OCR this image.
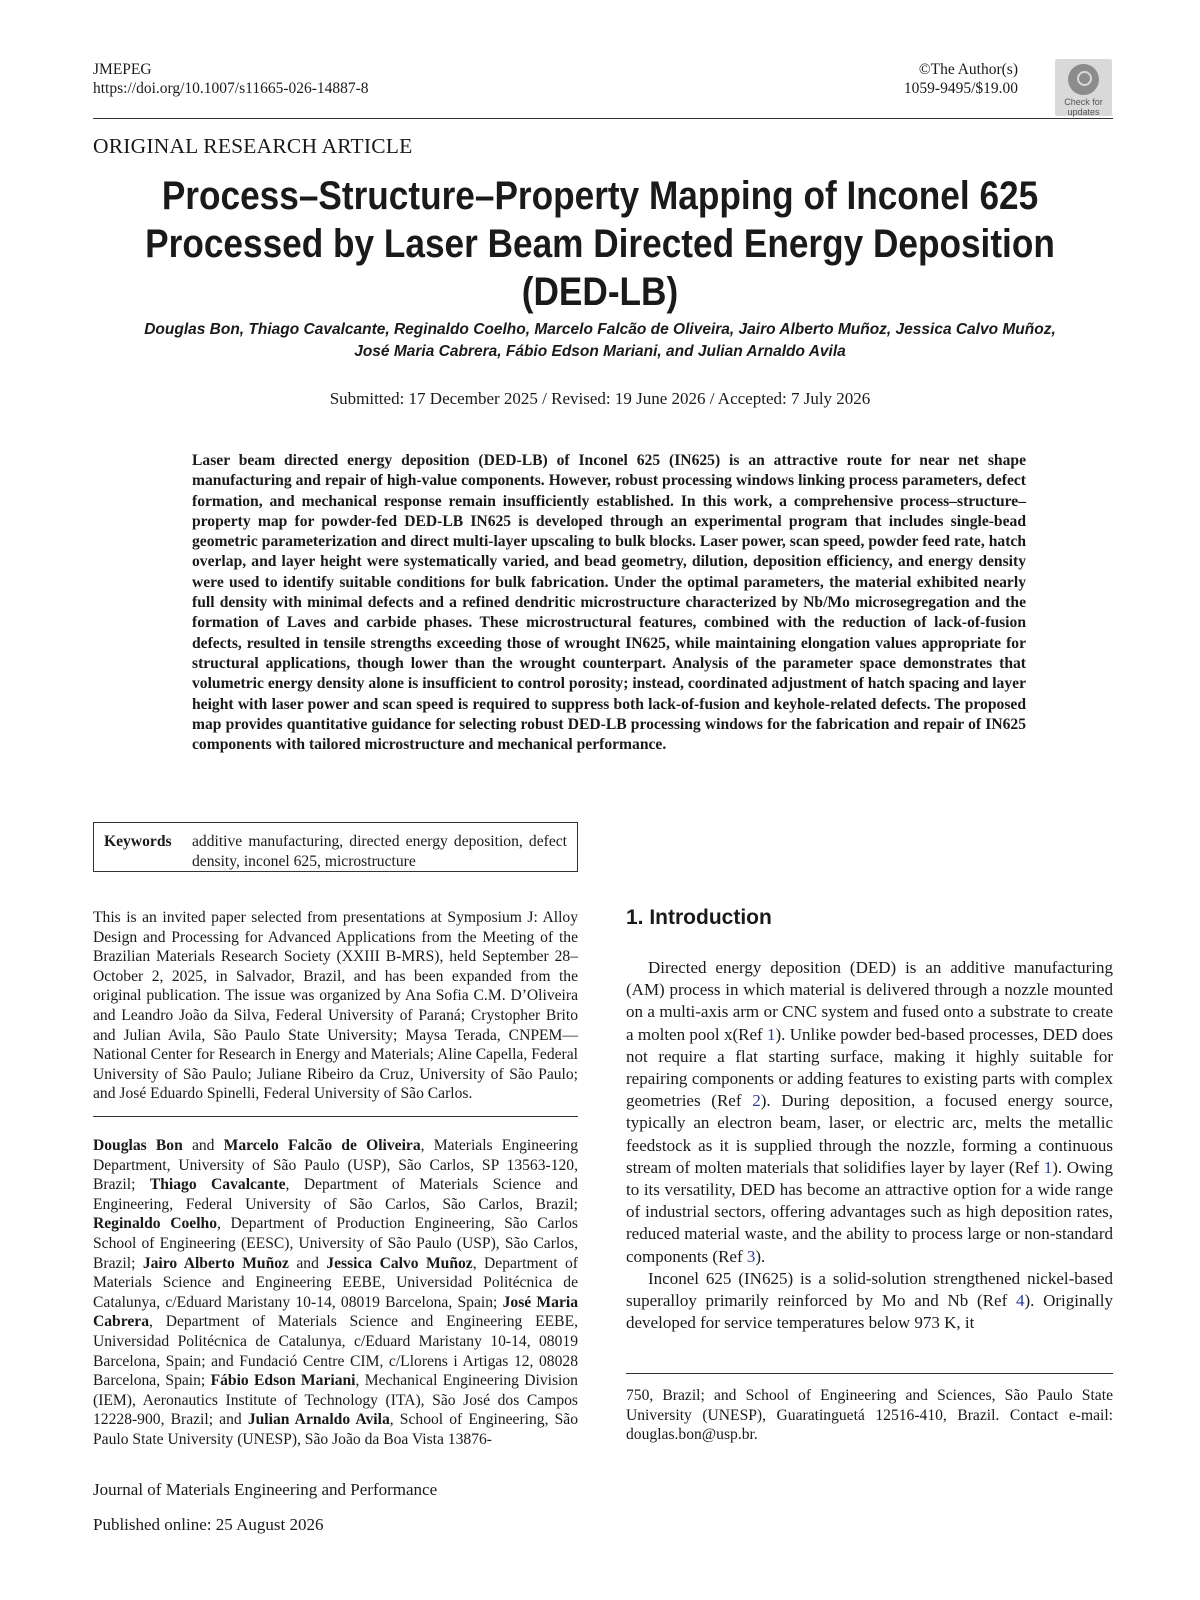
JMEPEG
https://doi.org/10.1007/s11665-026-14887-8
©The Author(s)
1059-9495/$19.00
Check for
updates
ORIGINAL RESEARCH ARTICLE
Process–Structure–Property Mapping of Inconel 625 Processed by Laser Beam Directed Energy Deposition (DED-LB)
Douglas Bon, Thiago Cavalcante, Reginaldo Coelho, Marcelo Falcão de Oliveira, Jairo Alberto Muñoz, Jessica Calvo Muñoz,
José Maria Cabrera, Fábio Edson Mariani, and Julian Arnaldo Avila
Submitted: 17 December 2025 / Revised: 19 June 2026 / Accepted: 7 July 2026
Laser beam directed energy deposition (DED-LB) of Inconel 625 (IN625) is an attractive route for near net shape manufacturing and repair of high-value components. However, robust processing windows linking process parameters, defect formation, and mechanical response remain insufficiently established. In this work, a comprehensive process–structure–property map for powder-fed DED-LB IN625 is developed through an experimental program that includes single-bead geometric parameterization and direct multi-layer upscaling to bulk blocks. Laser power, scan speed, powder feed rate, hatch overlap, and layer height were systematically varied, and bead geometry, dilution, deposition efficiency, and energy density were used to identify suitable conditions for bulk fabrication. Under the optimal parameters, the material exhibited nearly full density with minimal defects and a refined dendritic microstructure characterized by Nb/Mo microsegregation and the formation of Laves and carbide phases. These microstructural features, combined with the reduction of lack-of-fusion defects, resulted in tensile strengths exceeding those of wrought IN625, while maintaining elongation values appropriate for structural applications, though lower than the wrought counterpart. Analysis of the parameter space demonstrates that volumetric energy density alone is insufficient to control porosity; instead, coordinated adjustment of hatch spacing and layer height with laser power and scan speed is required to suppress both lack-of-fusion and keyhole-related defects. The proposed map provides quantitative guidance for selecting robust DED-LB processing windows for the fabrication and repair of IN625 components with tailored microstructure and mechanical performance.
Keywords	additive manufacturing, directed energy deposition, defect density, inconel 625, microstructure
This is an invited paper selected from presentations at Symposium J: Alloy Design and Processing for Advanced Applications from the Meeting of the Brazilian Materials Research Society (XXIII B-MRS), held September 28–October 2, 2025, in Salvador, Brazil, and has been expanded from the original publication. The issue was organized by Ana Sofia C.M. D’Oliveira and Leandro João da Silva, Federal University of Paraná; Crystopher Brito and Julian Avila, São Paulo State University; Maysa Terada, CNPEM—National Center for Research in Energy and Materials; Aline Capella, Federal University of São Paulo; Juliane Ribeiro da Cruz, University of São Paulo; and José Eduardo Spinelli, Federal University of São Carlos.
Douglas Bon and Marcelo Falcão de Oliveira, Materials Engineering Department, University of São Paulo (USP), São Carlos, SP 13563-120, Brazil; Thiago Cavalcante, Department of Materials Science and Engineering, Federal University of São Carlos, São Carlos, Brazil; Reginaldo Coelho, Department of Production Engineering, São Carlos School of Engineering (EESC), University of São Paulo (USP), São Carlos, Brazil; Jairo Alberto Muñoz and Jessica Calvo Muñoz, Department of Materials Science and Engineering EEBE, Universidad Politécnica de Catalunya, c/Eduard Maristany 10-14, 08019 Barcelona, Spain; José Maria Cabrera, Department of Materials Science and Engineering EEBE, Universidad Politécnica de Catalunya, c/Eduard Maristany 10-14, 08019 Barcelona, Spain; and Fundació Centre CIM, c/Llorens i Artigas 12, 08028 Barcelona, Spain; Fábio Edson Mariani, Mechanical Engineering Division (IEM), Aeronautics Institute of Technology (ITA), São José dos Campos 12228-900, Brazil; and Julian Arnaldo Avila, School of Engineering, São Paulo State University (UNESP), São João da Boa Vista 13876-
1. Introduction

Directed energy deposition (DED) is an additive manufacturing (AM) process in which material is delivered through a nozzle mounted on a multi-axis arm or CNC system and fused onto a substrate to create a molten pool x(Ref 1). Unlike powder bed-based processes, DED does not require a flat starting surface, making it highly suitable for repairing components or adding features to existing parts with complex geometries (Ref 2). During deposition, a focused energy source, typically an electron beam, laser, or electric arc, melts the metallic feedstock as it is supplied through the nozzle, forming a continuous stream of molten materials that solidifies layer by layer (Ref 1). Owing to its versatility, DED has become an attractive option for a wide range of industrial sectors, offering advantages such as high deposition rates, reduced material waste, and the ability to process large or non-standard components (Ref 3).

Inconel 625 (IN625) is a solid-solution strengthened nickel-based superalloy primarily reinforced by Mo and Nb (Ref 4). Originally developed for service temperatures below 973 K, it

750, Brazil; and School of Engineering and Sciences, São Paulo State University (UNESP), Guaratinguetá 12516-410, Brazil. Contact e-mail: douglas.bon@usp.br.
Journal of Materials Engineering and Performance
Published online: 25 August 2026
